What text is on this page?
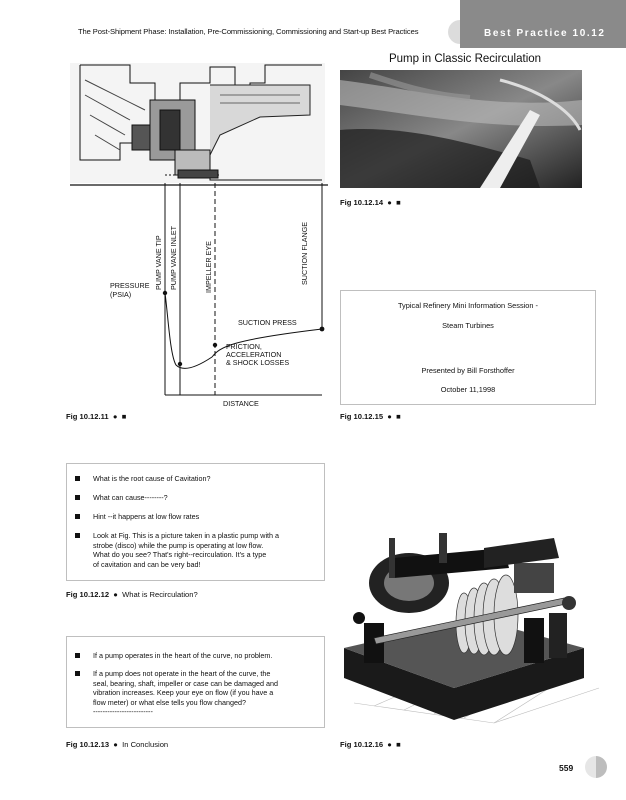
The Post-Shipment Phase: Installation, Pre-Commissioning, Commissioning and Start-up Best Practices	Best Practice 10.12
PUMP VANE TIP PUMP VANE INLET	IMPELLER EYE	SUCTION FLANGE
PRESSURE
(PSIA)
SUCTION PRESS
FRICTION,
ACCELERATION
& SHOCK LOSSES
DISTANCE
Fig 10.12.11  ●  ■
Pump in Classic Recirculation
Fig 10.12.14  ●  ■
Typical Refinery Mini Information Session -
Steam Turbines
Presented by Bill Forsthoffer
October 11,1998
Fig 10.12.15  ●  ■
What is the root cause of Cavitation?
What can cause--------?
Hint --it happens at low flow rates
Look at Fig. This is a picture taken in a plastic pump with a
strobe (disco) while the pump is operating at low flow.
What do you see? That's right--recirculation. It's a type
of cavitation and can be very bad!
Fig 10.12.12  ●  What is Recirculation?
If a pump operates in the heart of the curve, no problem.
If a pump does not operate in the heart of the curve, the
seal, bearing, shaft, impeller or case can be damaged and
vibration increases. Keep your eye on flow (if you have a
flow meter) or what else tells you flow changed?
-------------------------
Fig 10.12.13  ●  In Conclusion	Fig 10.12.16  ●  ■
559
